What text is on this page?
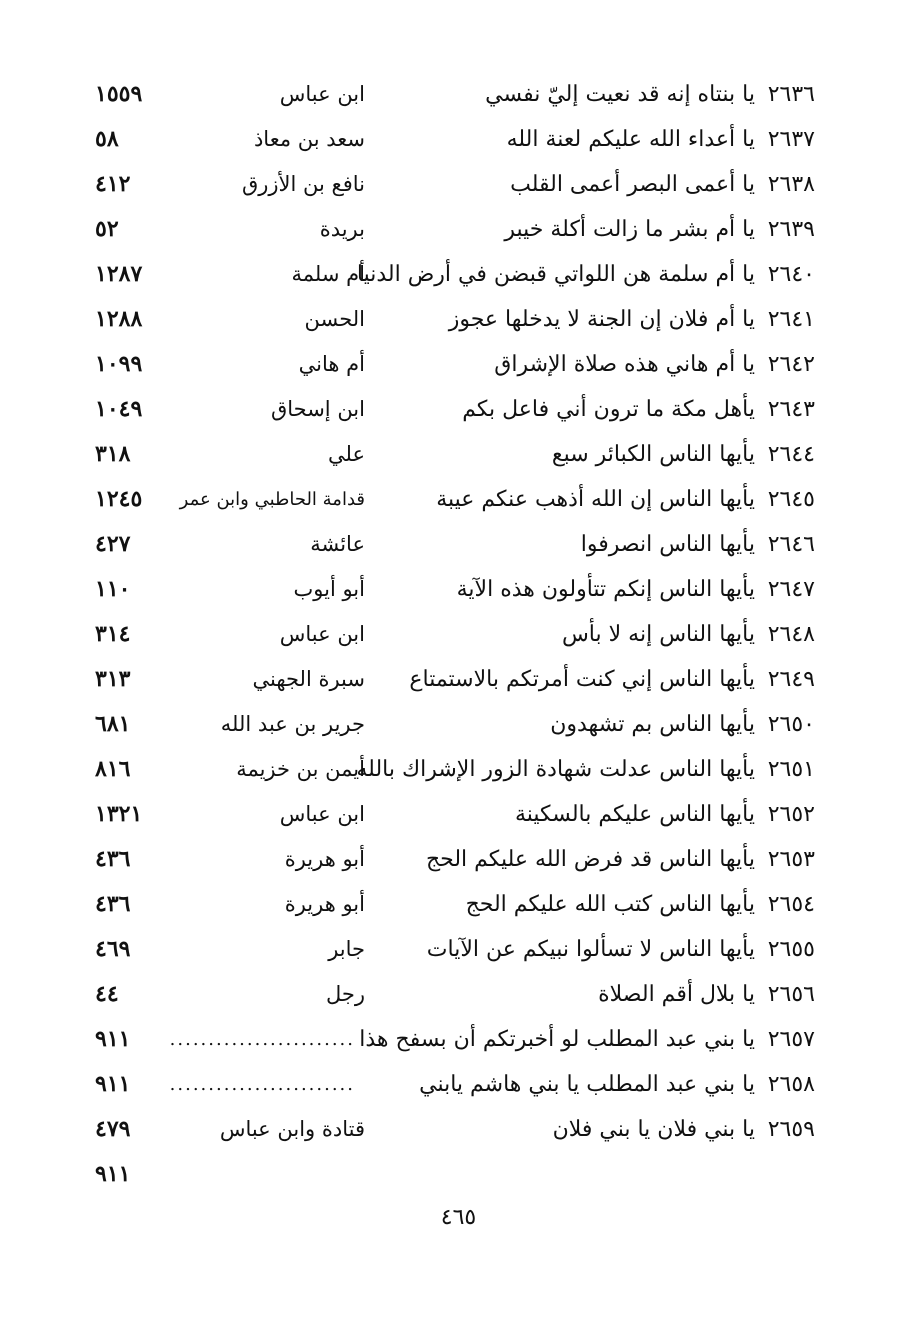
٢٦٣٦
يا بنتاه إنه قد نعيت إليّ نفسي
ابن عباس
١٥٥٩
٢٦٣٧
يا أعداء الله عليكم لعنة الله
سعد بن معاذ
٥٨
٢٦٣٨
يا أعمى البصر أعمى القلب
نافع بن الأزرق
٤١٢
٢٦٣٩
يا أم بشر ما زالت أكلة خيبر
بريدة
٥٢
٢٦٤٠
يا أم سلمة هن اللواتي قبضن في أرض الدنيا
أم سلمة
١٢٨٧
٢٦٤١
يا أم فلان إن الجنة لا يدخلها عجوز
الحسن
١٢٨٨
٢٦٤٢
يا أم هاني هذه صلاة الإشراق
أم هاني
١٠٩٩
٢٦٤٣
يأهل مكة ما ترون أني فاعل بكم
ابن إسحاق
١٠٤٩
٢٦٤٤
يأيها الناس الكبائر سبع
علي
٣١٨
٢٦٤٥
يأيها الناس إن الله أذهب عنكم عيبة
قدامة الحاطبي وابن عمر
١٢٤٥
٢٦٤٦
يأيها الناس انصرفوا
عائشة
٤٢٧
٢٦٤٧
يأيها الناس إنكم تتأولون هذه الآية
أبو أيوب
١١٠
٢٦٤٨
يأيها الناس إنه لا بأس
ابن عباس
٣١٤
٢٦٤٩
يأيها الناس إني كنت أمرتكم بالاستمتاع
سبرة الجهني
٣١٣
٢٦٥٠
يأيها الناس بم تشهدون
جرير بن عبد الله
٦٨١
٢٦٥١
يأيها الناس عدلت شهادة الزور الإشراك بالله
أيمن بن خزيمة
٨١٦
٢٦٥٢
يأيها الناس عليكم بالسكينة
ابن عباس
١٣٢١
٢٦٥٣
يأيها الناس قد فرض الله عليكم الحج
أبو هريرة
٤٣٦
٢٦٥٤
يأيها الناس كتب الله عليكم الحج
أبو هريرة
٤٣٦
٢٦٥٥
يأيها الناس لا تسألوا نبيكم عن الآيات
جابر
٤٦٩
٢٦٥٦
يا بلال أقم الصلاة
رجل
٤٤
٢٦٥٧
يا بني عبد المطلب لو أخبرتكم أن بسفح هذا
........................
٩١١
٢٦٥٨
يا بني عبد المطلب يا بني هاشم يابني
........................
٩١١
٢٦٥٩
يا بني فلان يا بني فلان
قتادة وابن عباس
٤٧٩
٩١١
٤٦٥
